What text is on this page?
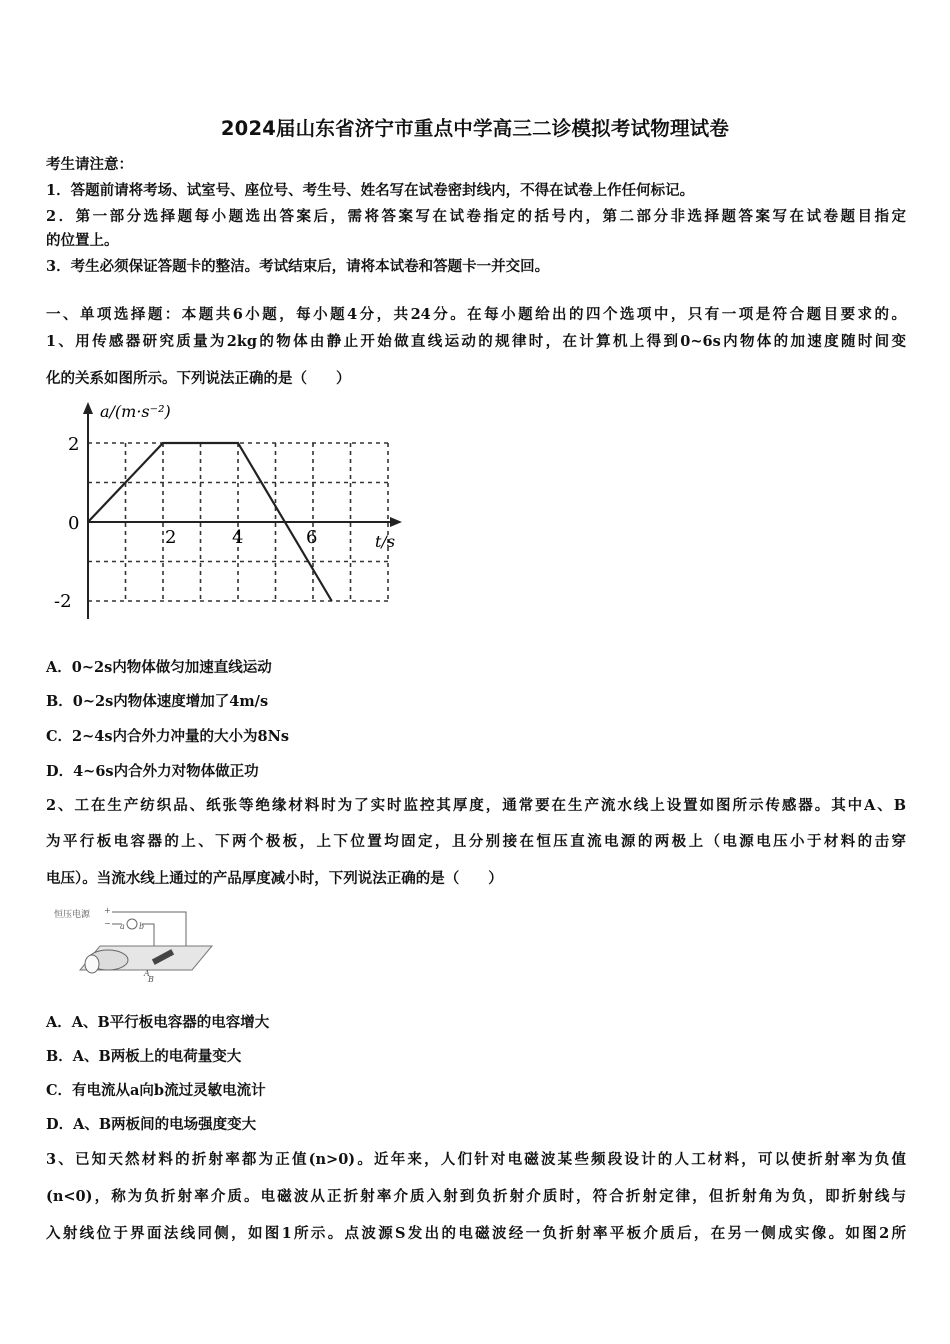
2024届山东省济宁市重点中学高三二诊模拟考试物理试卷
考生请注意：
1．答题前请将考场、试室号、座位号、考生号、姓名写在试卷密封线内，不得在试卷上作任何标记。
2．第一部分选择题每小题选出答案后，需将答案写在试卷指定的括号内，第二部分非选择题答案写在试卷题目指定
的位置上。
3．考生必须保证答题卡的整洁。考试结束后，请将本试卷和答题卡一并交回。
一、单项选择题：本题共6小题，每小题4分，共24分。在每小题给出的四个选项中，只有一项是符合题目要求的。
1、用传感器研究质量为2kg的物体由静止开始做直线运动的规律时，在计算机上得到0~6s内物体的加速度随时间变
化的关系如图所示。下列说法正确的是（　　）
a/(m·s⁻²)
t/s
2
0
-2
2	4	6
A．0~2s内物体做匀加速直线运动
B．0~2s内物体速度增加了4m/s
C．2~4s内合外力冲量的大小为8Ns
D．4~6s内合外力对物体做正功
2、工在生产纺织品、纸张等绝缘材料时为了实时监控其厚度，通常要在生产流水线上设置如图所示传感器。其中A、B
为平行板电容器的上、下两个极板，上下位置均固定，且分别接在恒压直流电源的两极上（电源电压小于材料的击穿
电压）。当流水线上通过的产品厚度减小时，下列说法正确的是（　　）
恒压电源 +
− a b
A
B
A．A、B平行板电容器的电容增大
B．A、B两板上的电荷量变大
C．有电流从a向b流过灵敏电流计
D．A、B两板间的电场强度变大
3、已知天然材料的折射率都为正值(n>0)。近年来，人们针对电磁波某些频段设计的人工材料，可以使折射率为负值
(n<0)，称为负折射率介质。电磁波从正折射率介质入射到负折射介质时，符合折射定律，但折射角为负，即折射线与
入射线位于界面法线同侧，如图1所示。点波源S发出的电磁波经一负折射率平板介质后，在另一侧成实像。如图2所
